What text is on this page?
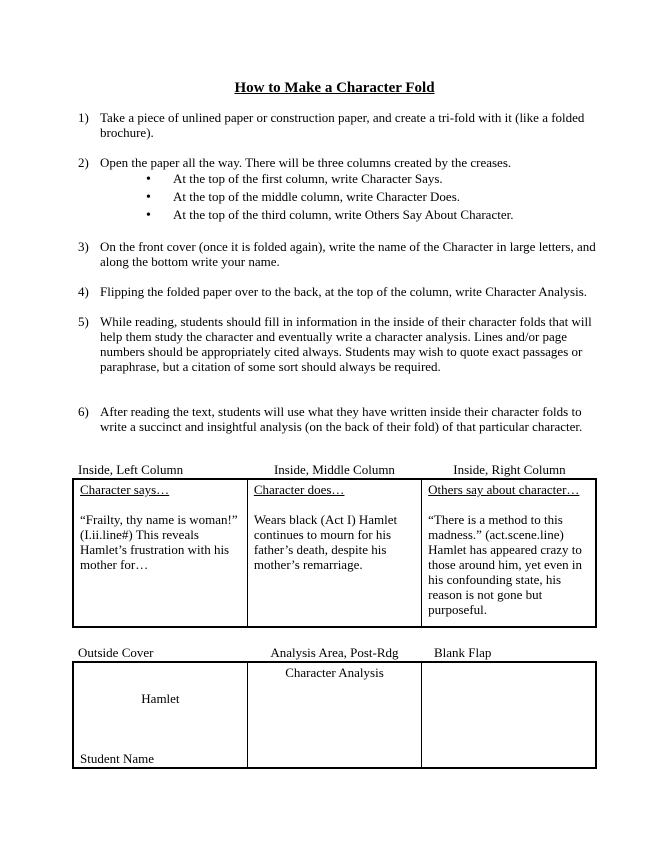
How to Make a Character Fold
1) Take a piece of unlined paper or construction paper, and create a tri-fold with it (like a folded brochure).
2) Open the paper all the way. There will be three columns created by the creases.
•
At the top of the first column, write Character Says.
•
At the top of the middle column, write Character Does.
•
At the top of the third column, write Others Say About Character.
3) On the front cover (once it is folded again), write the name of the Character in large letters, and along the bottom write your name.
4) Flipping the folded paper over to the back, at the top of the column, write Character Analysis.
5) While reading, students should fill in information in the inside of their character folds that will help them study the character and eventually write a character analysis. Lines and/or page numbers should be appropriately cited always. Students may wish to quote exact passages or paraphrase, but a citation of some sort should always be required.
6) After reading the text, students will use what they have written inside their character folds to write a succinct and insightful analysis (on the back of their fold) of that particular character.
Inside, Left Column	Inside, Middle Column	Inside, Right Column
Character says…
“Frailty, thy name is woman!” (I.ii.line#) This reveals Hamlet’s frustration with his mother for…

Character does…
Wears black (Act I) Hamlet continues to mourn for his father’s death, despite his mother’s remarriage.

Others say about character…
“There is a method to this madness.” (act.scene.line) Hamlet has appeared crazy to those around him, yet even in his confounding state, his reason is not gone but purposeful.
Outside Cover	Analysis Area, Post-Rdg	Blank Flap
Hamlet
Student Name

Character Analysis
